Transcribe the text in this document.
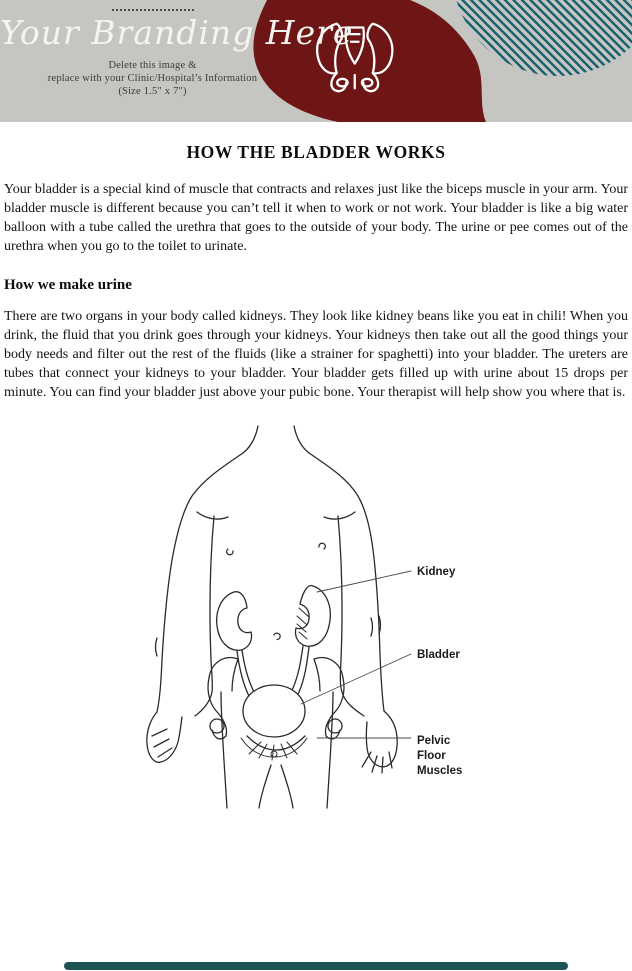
Your Branding Here
Delete this image &
replace with your Clinic/Hospital’s Information
(Size 1.5" x 7")
HOW THE BLADDER WORKS
Your bladder is a special kind of muscle that contracts and relaxes just like the biceps muscle in your arm. Your bladder muscle is different because you can’t tell it when to work or not work. Your bladder is like a big water balloon with a tube called the urethra that goes to the outside of your body. The urine or pee comes out of the urethra when you go to the toilet to urinate.
How we make urine
There are two organs in your body called kidneys. They look like kidney beans like you eat in chili! When you drink, the fluid that you drink goes through your kidneys. Your kidneys then take out all the good things your body needs and filter out the rest of the fluids (like a strainer for spaghetti) into your bladder. The ureters are tubes that connect your kidneys to your bladder. Your bladder gets filled up with urine about 15 drops per minute. You can find your bladder just above your pubic bone. Your therapist will help show you where that is.
Kidney
Bladder
Pelvic
Floor
Muscles
